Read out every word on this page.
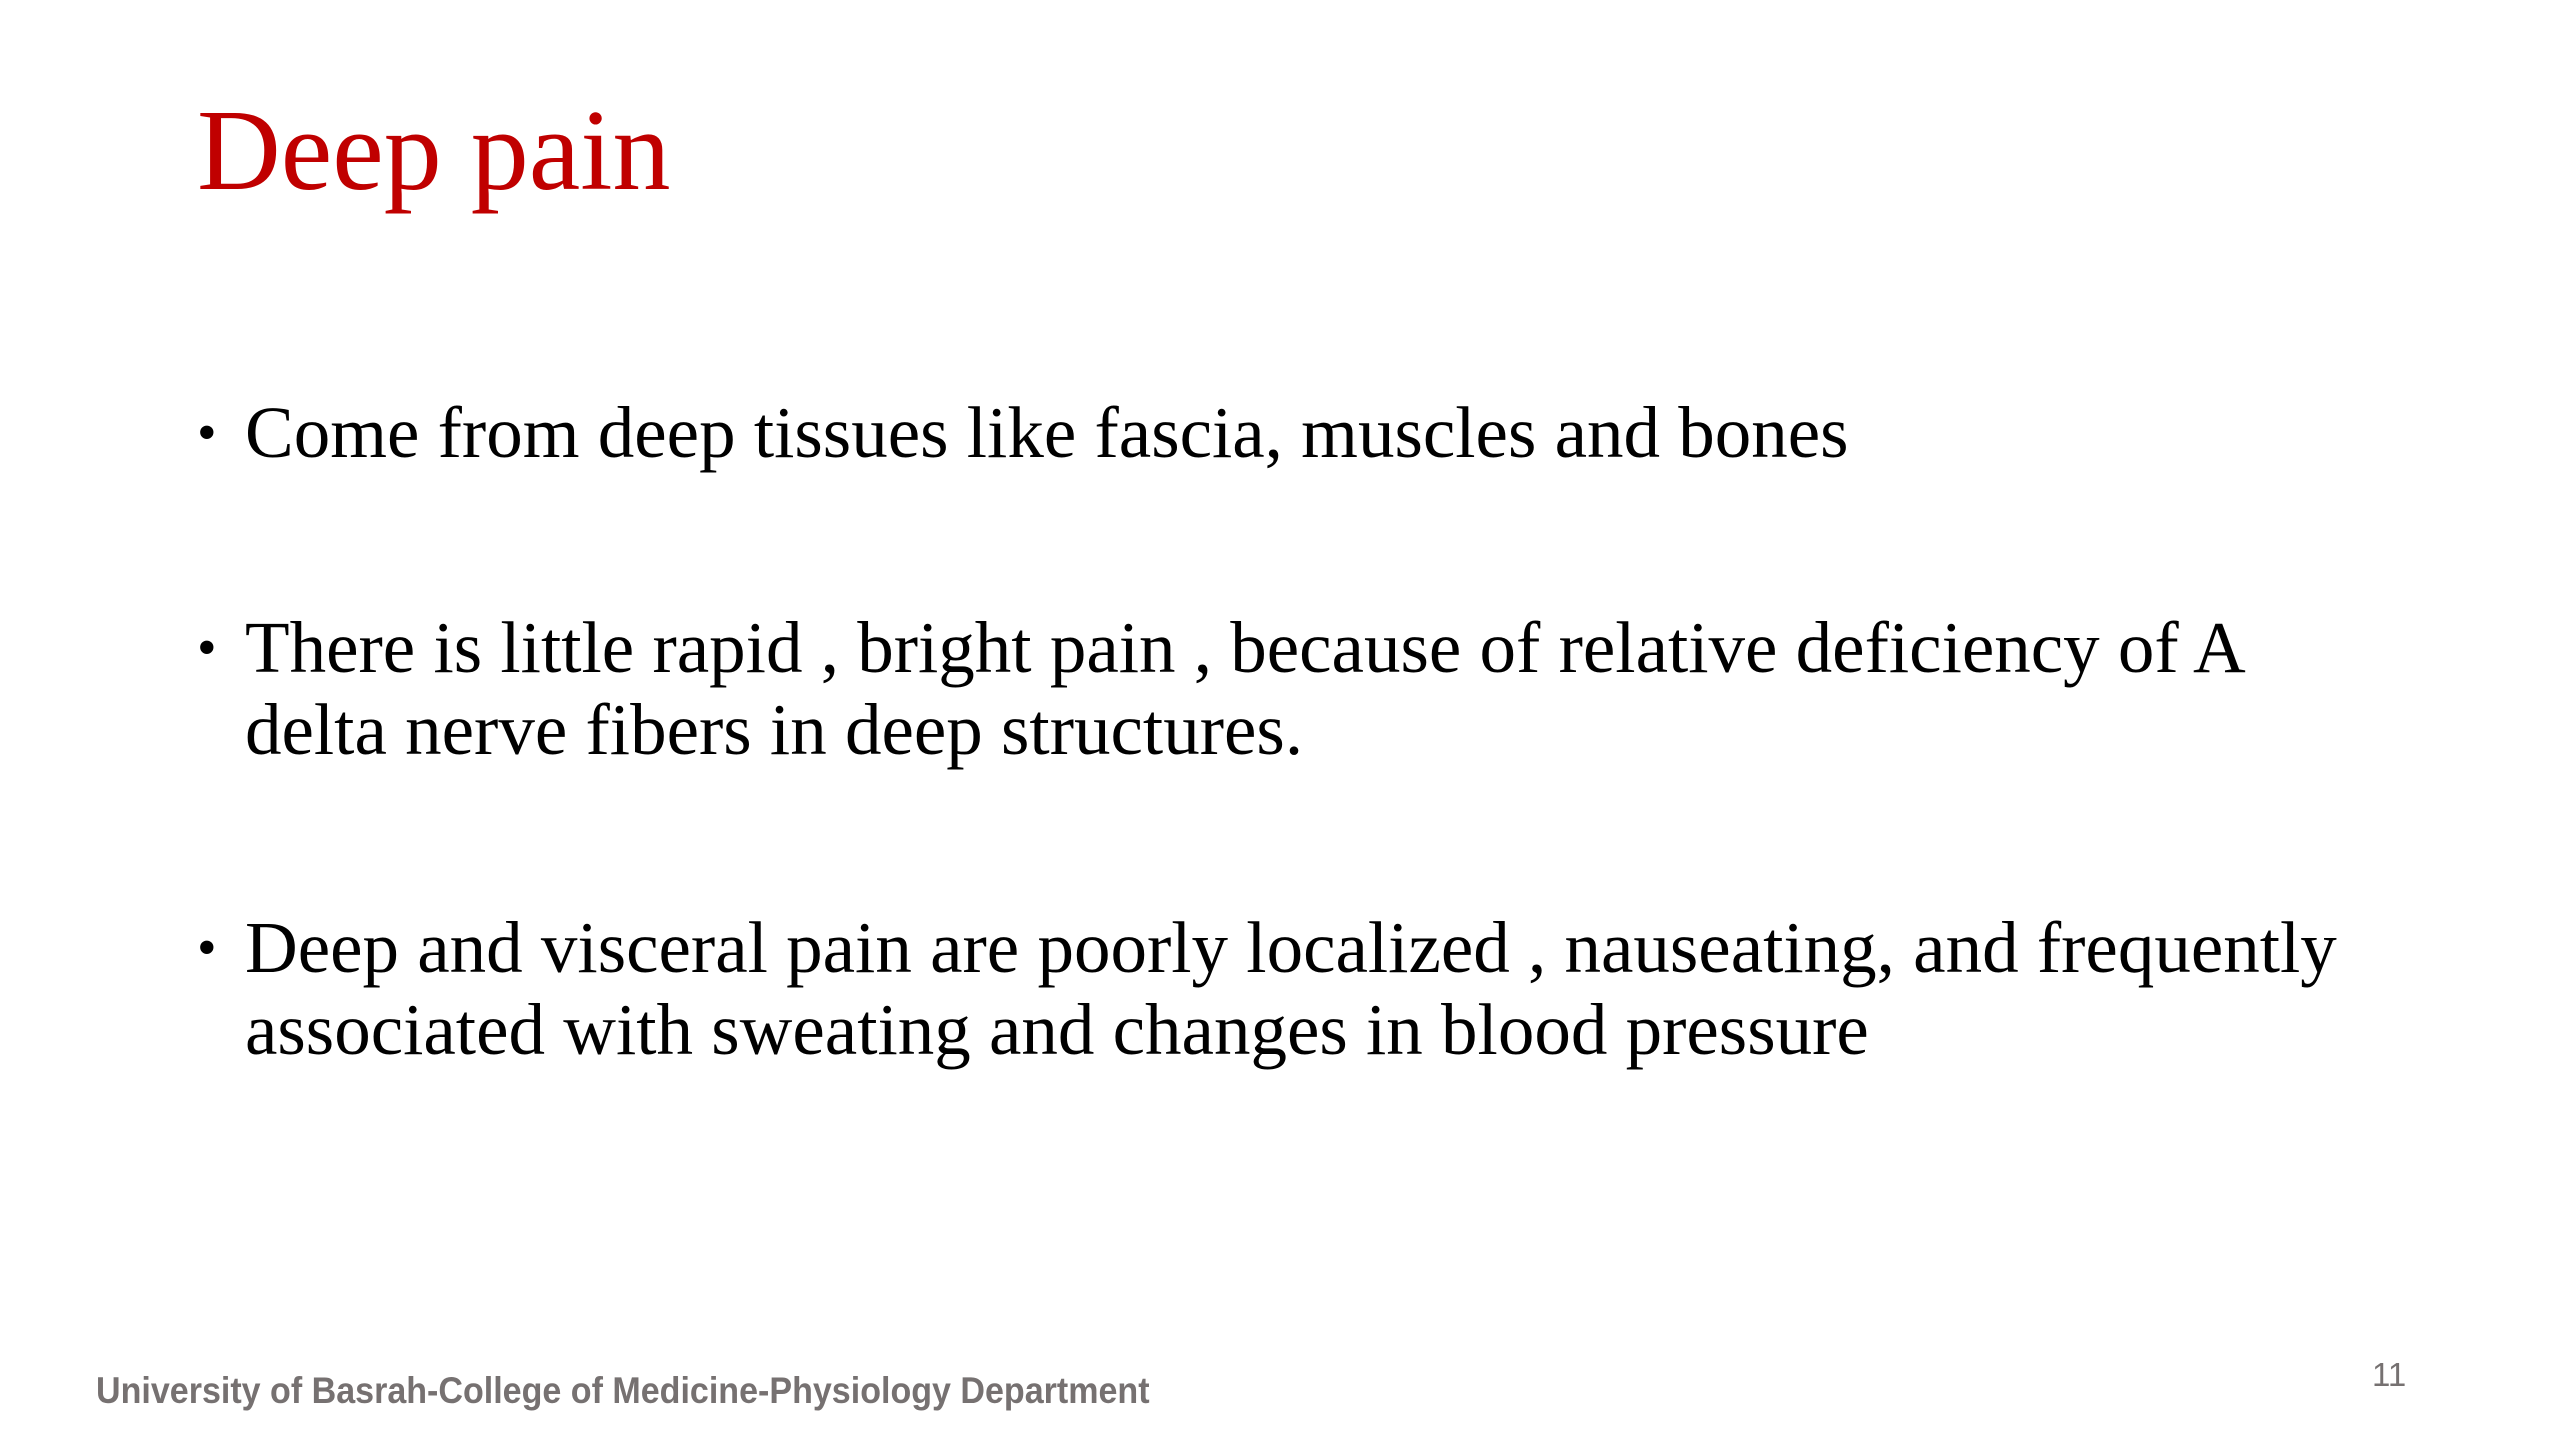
Deep pain
• Come from deep tissues like fascia, muscles and bones
• There is little rapid , bright pain , because of relative deficiency of A delta nerve fibers in deep structures.
• Deep and visceral pain are poorly localized , nauseating, and frequently associated with sweating and changes in blood pressure
University of Basrah-College of Medicine-Physiology Department	11
